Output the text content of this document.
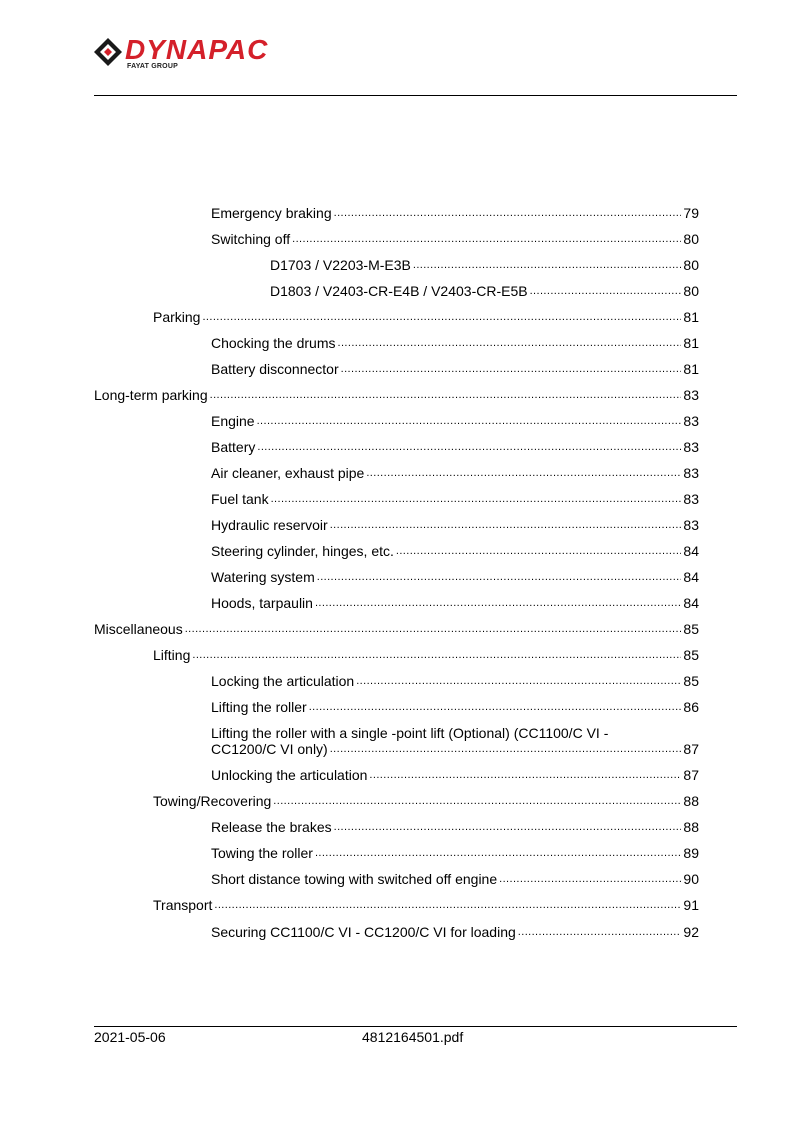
DYNAPAC
FAYAT GROUP
Emergency braking .....	79
Switching off .....	80
D1703 / V2203-M-E3B .....	80
D1803 / V2403-CR-E4B / V2403-CR-E5B .....	80
Parking .....	81
Chocking the drums .....	81
Battery disconnector .....	81
Long-term parking .....	83
Engine .....	83
Battery .....	83
Air cleaner, exhaust pipe .....	83
Fuel tank .....	83
Hydraulic reservoir .....	83
Steering cylinder, hinges, etc. .....	84
Watering system .....	84
Hoods, tarpaulin .....	84
Miscellaneous .....	85
Lifting .....	85
Locking the articulation .....	85
Lifting the roller .....	86
Lifting the roller with a single -point lift (Optional) (CC1100/C VI -
CC1200/C VI only) .....	87
Unlocking the articulation .....	87
Towing/Recovering .....	88
Release the brakes .....	88
Towing the roller .....	89
Short distance towing with switched off engine .....	90
Transport .....	91
Securing CC1100/C VI - CC1200/C VI for loading .....	92
2021-05-06	4812164501.pdf
